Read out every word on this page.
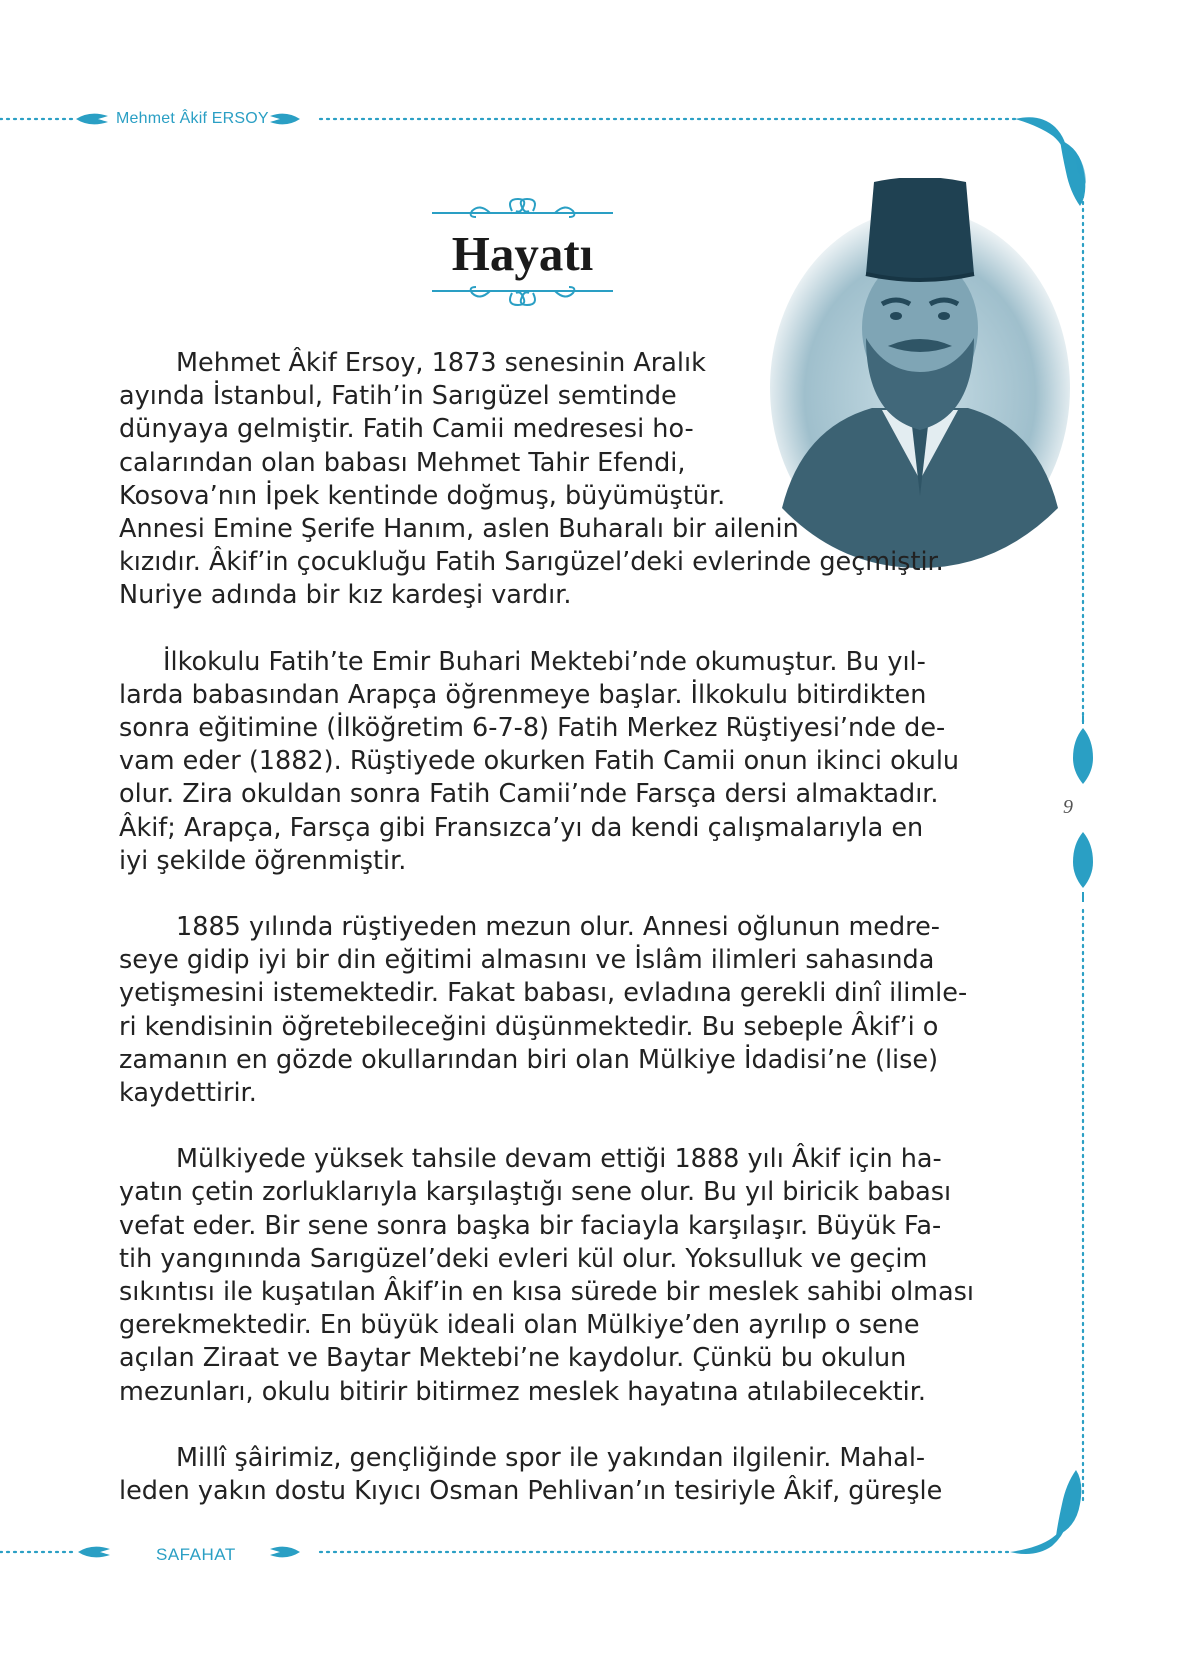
Mehmet Âkif ERSOY
SAFAHAT
9
Hayatı
Mehmet Âkif Ersoy, 1873 senesinin Aralık
ayında İstanbul, Fatih’in Sarıgüzel semtinde
dünyaya gelmiştir. Fatih Camii medresesi ho-
calarından olan babası Mehmet Tahir Efendi,
Kosova’nın İpek kentinde doğmuş, büyümüştür.
Annesi Emine Şerife Hanım, aslen Buharalı bir ailenin
kızıdır. Âkif’in çocukluğu Fatih Sarıgüzel’deki evlerinde geçmiştir.
Nuriye adında bir kız kardeşi vardır.
İlkokulu Fatih’te Emir Buhari Mektebi’nde okumuştur. Bu yıl-
larda babasından Arapça öğrenmeye başlar. İlkokulu bitirdikten
sonra eğitimine (İlköğretim 6-7-8) Fatih Merkez Rüştiyesi’nde de-
vam eder (1882). Rüştiyede okurken Fatih Camii onun ikinci okulu
olur. Zira okuldan sonra Fatih Camii’nde Farsça dersi almaktadır.
Âkif; Arapça, Farsça gibi Fransızca’yı da kendi çalışmalarıyla en
iyi şekilde öğrenmiştir.
1885 yılında rüştiyeden mezun olur. Annesi oğlunun medre-
seye gidip iyi bir din eğitimi almasını ve İslâm ilimleri sahasında
yetişmesini istemektedir. Fakat babası, evladına gerekli dinî ilimle-
ri kendisinin öğretebileceğini düşünmektedir. Bu sebeple Âkif’i o
zamanın en gözde okullarından biri olan Mülkiye İdadisi’ne (lise)
kaydettirir.
Mülkiyede yüksek tahsile devam ettiği 1888 yılı Âkif için ha-
yatın çetin zorluklarıyla karşılaştığı sene olur. Bu yıl biricik babası
vefat eder. Bir sene sonra başka bir faciayla karşılaşır. Büyük Fa-
tih yangınında Sarıgüzel’deki evleri kül olur. Yoksulluk ve geçim
sıkıntısı ile kuşatılan Âkif’in en kısa sürede bir meslek sahibi olması
gerekmektedir. En büyük ideali olan Mülkiye’den ayrılıp o sene
açılan Ziraat ve Baytar Mektebi’ne kaydolur. Çünkü bu okulun
mezunları, okulu bitirir bitirmez meslek hayatına atılabilecektir.
Millî şâirimiz, gençliğinde spor ile yakından ilgilenir. Mahal-
leden yakın dostu Kıyıcı Osman Pehlivan’ın tesiriyle Âkif, güreşle
